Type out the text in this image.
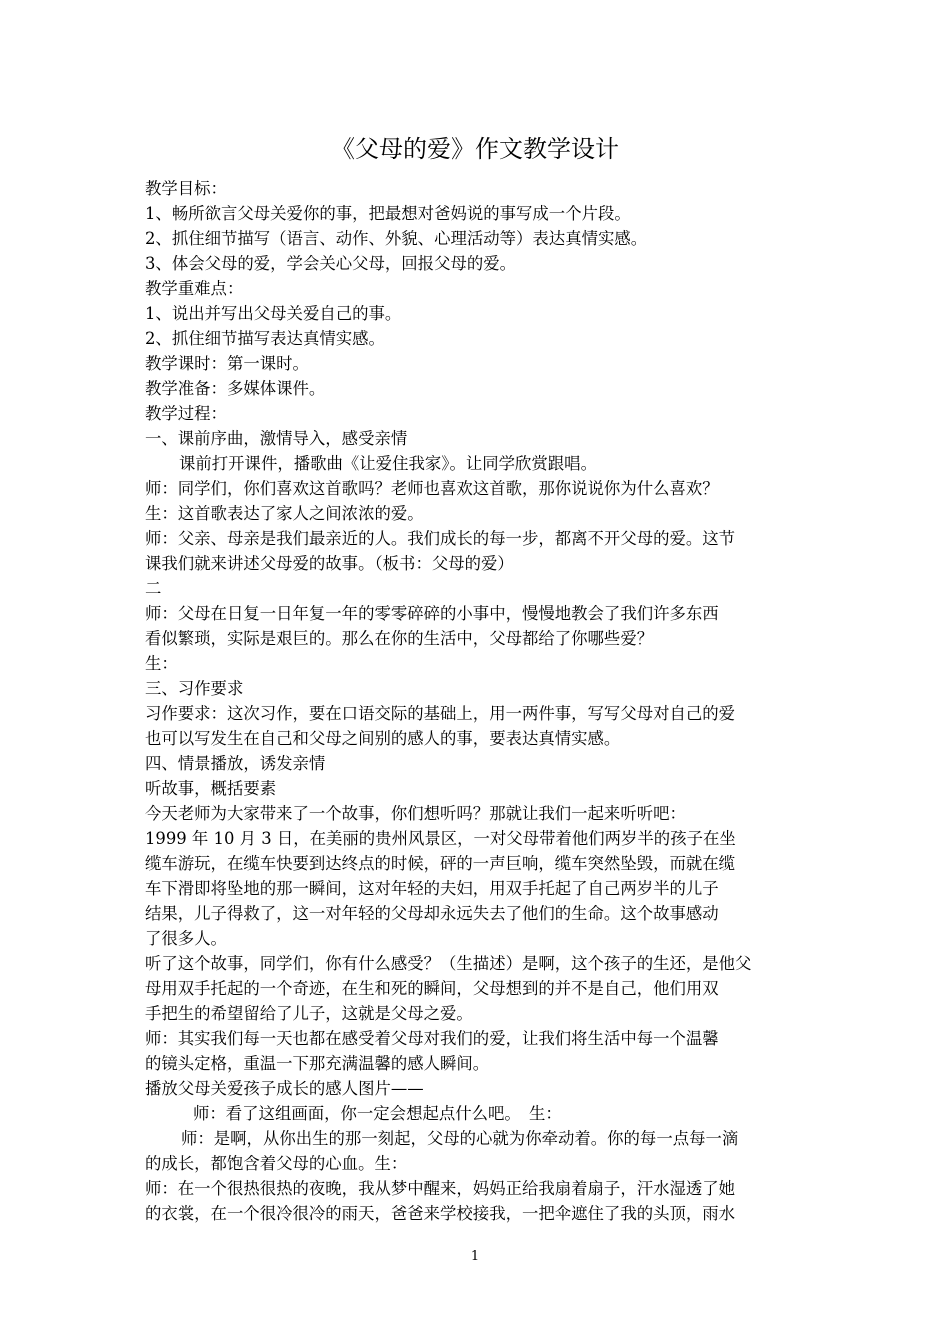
《父母的爱》作文教学设计
教学目标：
1、畅所欲言父母关爱你的事，把最想对爸妈说的事写成一个片段。
2、抓住细节描写（语言、动作、外貌、心理活动等）表达真情实感。
3、体会父母的爱，学会关心父母，回报父母的爱。
教学重难点：
1、说出并写出父母关爱自己的事。
2、抓住细节描写表达真情实感。
教学课时：第一课时。
教学准备：多媒体课件。
教学过程：
一、课前序曲，激情导入，感受亲情
课前打开课件，播歌曲《让爱住我家》。让同学欣赏跟唱。
师：同学们，你们喜欢这首歌吗？老师也喜欢这首歌，那你说说你为什么喜欢？
生：这首歌表达了家人之间浓浓的爱。
师：父亲、母亲是我们最亲近的人。我们成长的每一步，都离不开父母的爱。这节
课我们就来讲述父母爱的故事。（板书：父母的爱）
二
师：父母在日复一日年复一年的零零碎碎的小事中，慢慢地教会了我们许多东西
看似繁琐，实际是艰巨的。那么在你的生活中，父母都给了你哪些爱？
生：
三、习作要求
习作要求：这次习作，要在口语交际的基础上，用一两件事，写写父母对自己的爱
也可以写发生在自己和父母之间别的感人的事，要表达真情实感。
四、情景播放，诱发亲情
听故事，概括要素
今天老师为大家带来了一个故事，你们想听吗？那就让我们一起来听听吧：
1999 年 10 月 3 日，在美丽的贵州风景区，一对父母带着他们两岁半的孩子在坐
缆车游玩，在缆车快要到达终点的时候，砰的一声巨响，缆车突然坠毁，而就在缆
车下滑即将坠地的那一瞬间，这对年轻的夫妇，用双手托起了自己两岁半的儿子
结果，儿子得救了，这一对年轻的父母却永远失去了他们的生命。这个故事感动
了很多人。
听了这个故事，同学们，你有什么感受？（生描述）是啊，这个孩子的生还，是他父
母用双手托起的一个奇迹，在生和死的瞬间，父母想到的并不是自己，他们用双
手把生的希望留给了儿子，这就是父母之爱。
师：其实我们每一天也都在感受着父母对我们的爱，让我们将生活中每一个温馨
的镜头定格，重温一下那充满温馨的感人瞬间。
播放父母关爱孩子成长的感人图片——
师：看了这组画面，你一定会想起点什么吧。　生：
师：是啊，从你出生的那一刻起，父母的心就为你牵动着。你的每一点每一滴
的成长，都饱含着父母的心血。生：
师：在一个很热很热的夜晚，我从梦中醒来，妈妈正给我扇着扇子，汗水湿透了她
的衣裳，在一个很冷很冷的雨天，爸爸来学校接我，一把伞遮住了我的头顶，雨水
1
